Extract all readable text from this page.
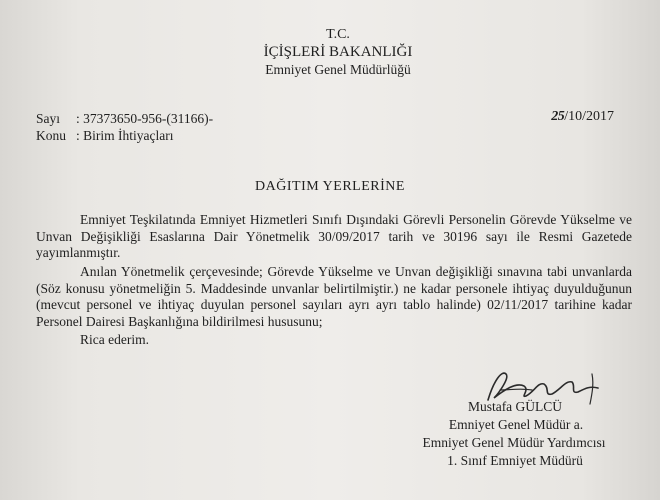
T.C.
İÇİŞLERİ BAKANLIĞI
Emniyet Genel Müdürlüğü
Sayı : 37373650-956-(31166)-
Konu : Birim İhtiyaçları
25/10/2017
DAĞITIM YERLERİNE
Emniyet Teşkilatında Emniyet Hizmetleri Sınıfı Dışındaki Görevli Personelin Görevde Yükselme ve Unvan Değişikliği Esaslarına Dair Yönetmelik 30/09/2017 tarih ve 30196 sayı ile Resmi Gazetede yayımlanmıştır.
Anılan Yönetmelik çerçevesinde; Görevde Yükselme ve Unvan değişikliği sınavına tabi unvanlarda (Söz konusu yönetmeliğin 5. Maddesinde unvanlar belirtilmiştir.) ne kadar personele ihtiyaç duyulduğunun (mevcut personel ve ihtiyaç duyulan personel sayıları ayrı ayrı tablo halinde) 02/11/2017 tarihine kadar Personel Dairesi Başkanlığına bildirilmesi hususunu;
Rica ederim.
Mustafa GÜLCÜ
Emniyet Genel Müdür a.
Emniyet Genel Müdür Yardımcısı
1. Sınıf Emniyet Müdürü
